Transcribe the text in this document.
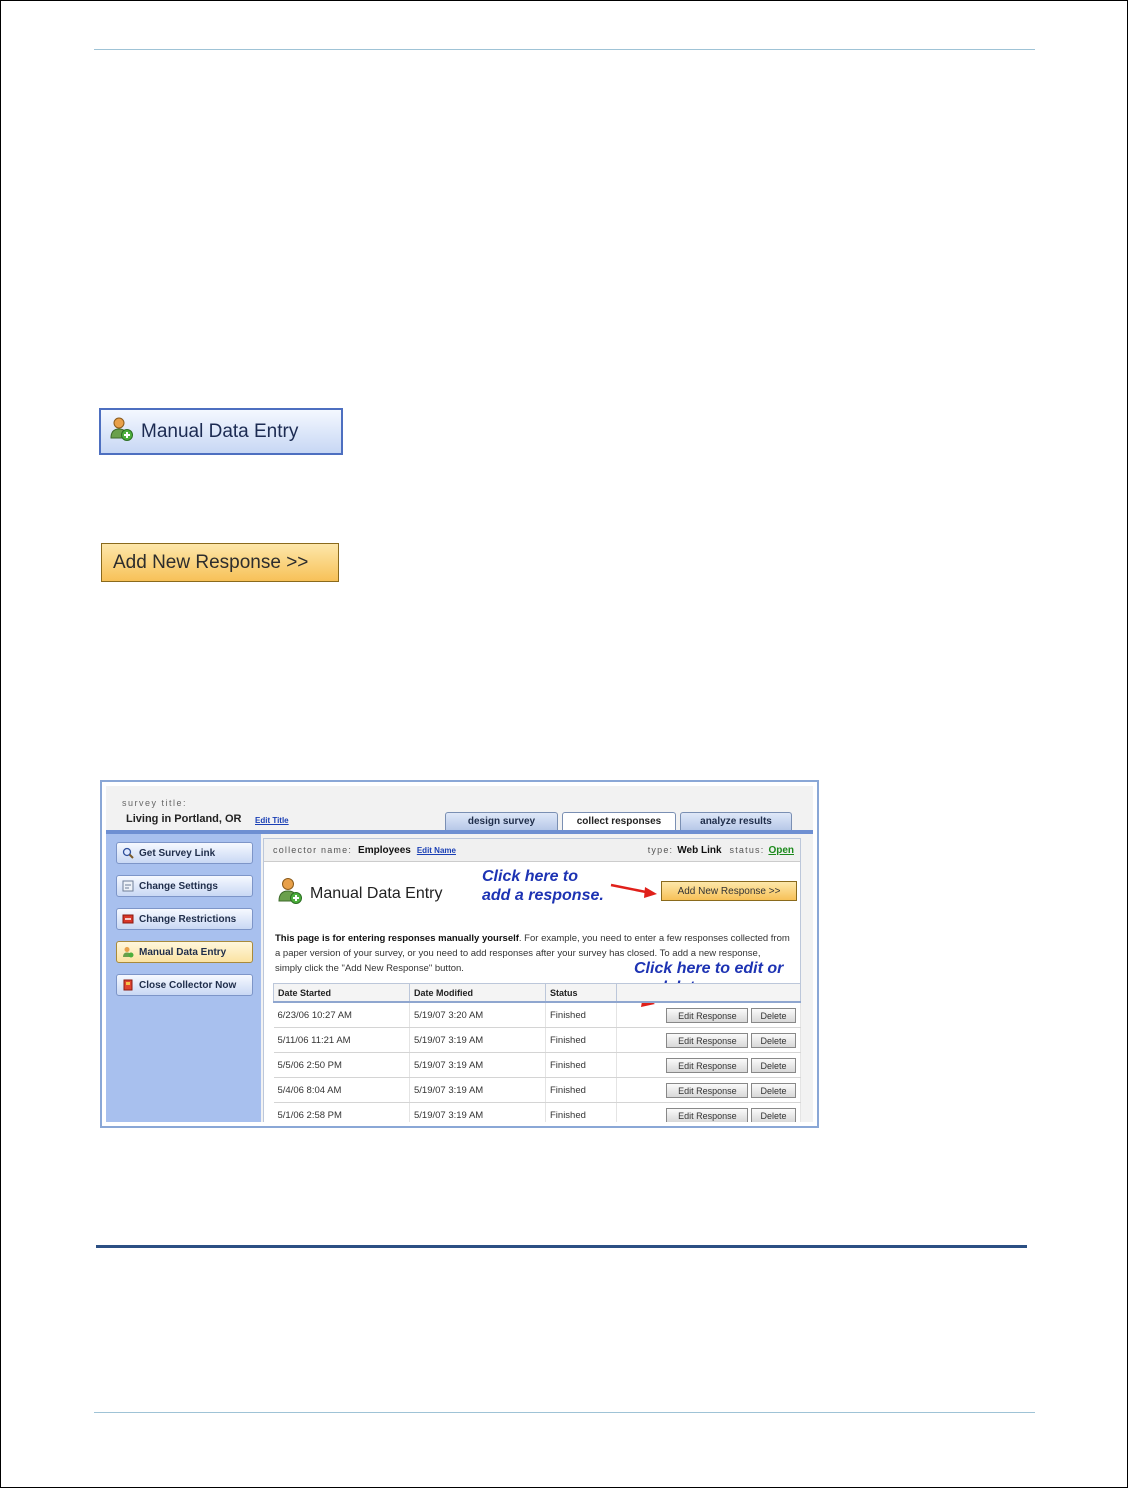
Manual Data Entry
Add New Response >>
survey title:
Living in Portland, OR Edit Title	design survey	collect responses	analyze results
Get Survey Link
Change Settings
Change Restrictions
Manual Data Entry
Close Collector Now
collector name: Employees Edit Name	type: Web Link status: Open
Manual Data Entry
Click here to
add a response.	Add New Response >>
This page is for entering responses manually yourself. For example, you need to enter a few responses collected from a paper version of your survey, or you need to add responses after your survey has closed. To add a new response, simply click the "Add New Response" button.	Click here to edit or
Date Started	Date Modified	Status	
6/23/06 10:27 AM	5/19/07 3:20 AM	Finished	Edit Response Delete
5/11/06 11:21 AM	5/19/07 3:19 AM	Finished	Edit Response Delete
5/5/06 2:50 PM	5/19/07 3:19 AM	Finished	Edit Response Delete
5/4/06 8:04 AM	5/19/07 3:19 AM	Finished	Edit Response Delete
5/1/06 2:58 PM	5/19/07 3:19 AM	Finished	Edit Response Delete
